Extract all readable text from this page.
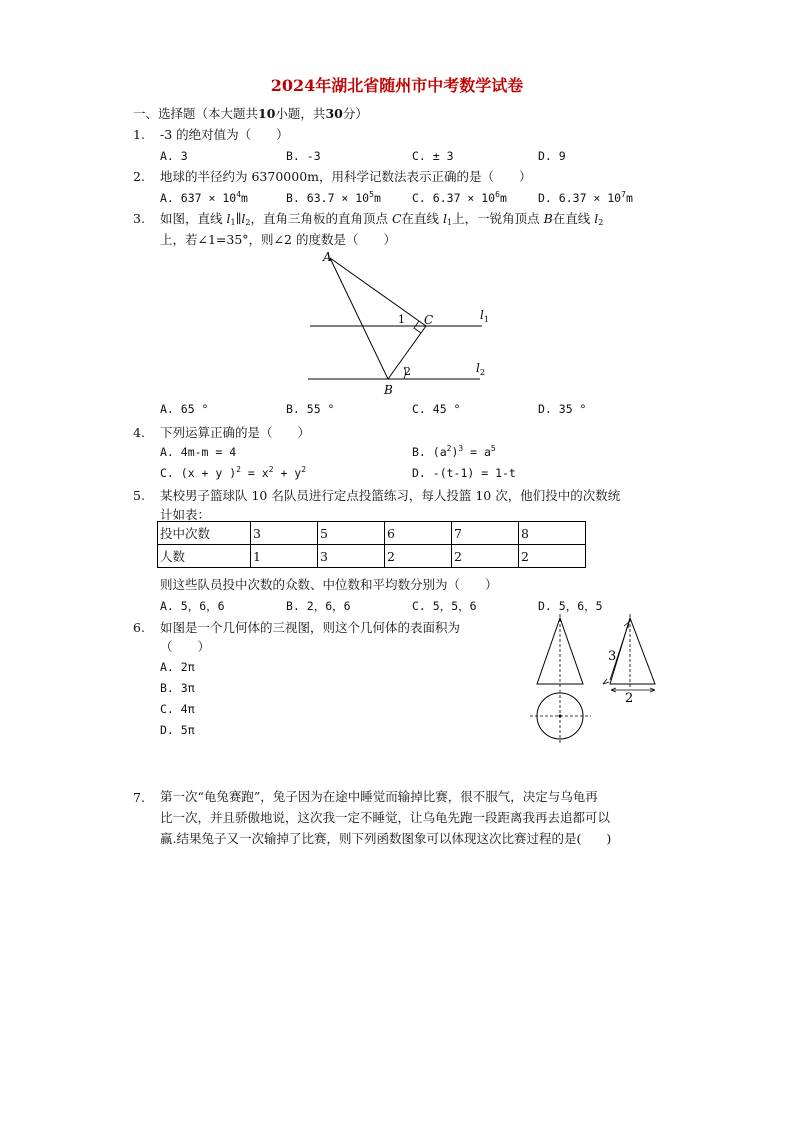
2024年湖北省随州市中考数学试卷
一、选择题（本大题共10小题，共30分）
1. -3 的绝对值为（　　）
A. 3	B. -3	C. ± 3	D. 9
2. 地球的半径约为 6370000m，用科学记数法表示正确的是（　　）
A. $637 \times 10^4m$	B. $63.7 \times 10^5m$	C. $6.37 \times 10^6m$	D. $6.37 \times 10^7m$
3. 如图，直线 $l_1\parallel l_2$，直角三角板的直角顶点 C在直线 $l_1$上，一锐角顶点 B在直线 $l_2$
上，若∠1=35°，则∠2 的度数是（　　）
A
C
B
1
2
$l_1$
$l_2$
A. 65 °	B. 55 °	C. 45 °	D. 35 °
4. 下列运算正确的是（　　）
A. 4m-m = 4	B. $(a^2)^3 = a^5$
C. (x + y )$^2 = x^2 + y^2$	D. -(t-1) = 1-t
5. 某校男子篮球队 10 名队员进行定点投篮练习，每人投篮 10 次，他们投中的次数统
计如表：
投中次数	3	5	6	7	8
人数	1	3	2	2	2
则这些队员投中次数的众数、中位数和平均数分别为（　　）
A. 5，6，6	B. 2，6，6	C. 5，5，6	D. 5，6，5
6. 如图是一个几何体的三视图，则这个几何体的表面积为
（　　）
A. 2π
B. 3π
C. 4π
D. 5π
3
2
7. 第一次“龟兔赛跑”，兔子因为在途中睡觉而输掉比赛，很不服气，决定与乌龟再
比一次，并且骄傲地说，这次我一定不睡觉，让乌龟先跑一段距离我再去追都可以
赢.结果兔子又一次输掉了比赛，则下列函数图象可以体现这次比赛过程的是(　　)
